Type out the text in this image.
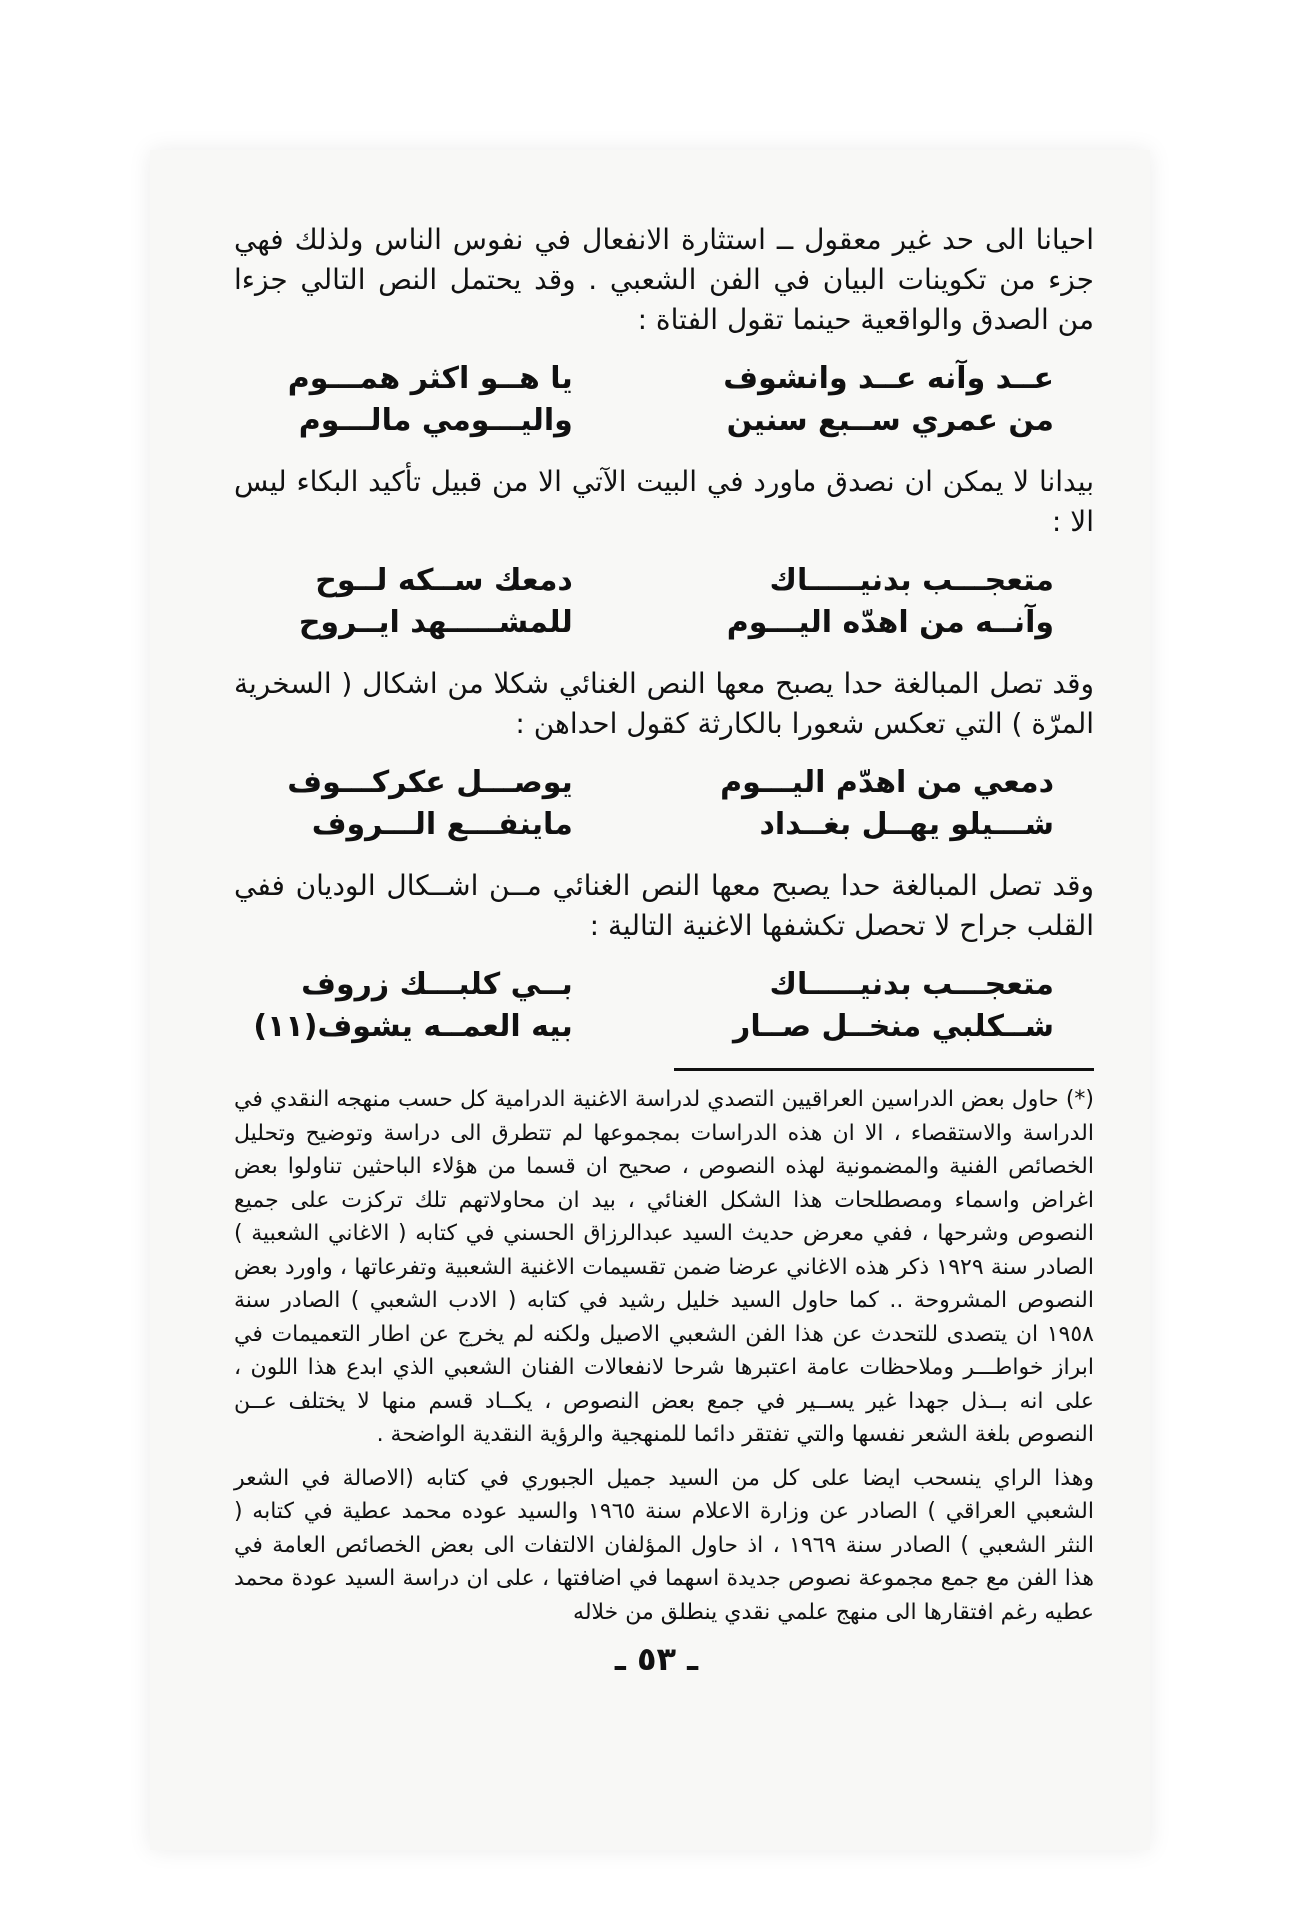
احيانا الى حد غير معقول ــ استثارة الانفعال في نفوس الناس ولذلك فهي جزء من تكوينات البيان في الفن الشعبي . وقد يحتمل النص التالي جزءا من الصدق والواقعية حينما تقول الفتاة :

عــد وآنه عــد وانشوف
من عمري ســبع سنين
يا هــو اكثر همـــوم
واليـــومي مالـــوم

بيدانا لا يمكن ان نصدق ماورد في البيت الآتي الا من قبيل تأكيد البكاء ليس الا :

متعجـــب بدنيـــــاك
وآنــه من اهدّه اليـــوم
دمعك ســكه لــوح
للمشـــــهد ايــروح

وقد تصل المبالغة حدا يصبح معها النص الغنائي شكلا من اشكال ( السخرية المرّة ) التي تعكس شعورا بالكارثة كقول احداهن :

دمعي من اهدّم اليـــوم
شـــيلو يهــل بغــداد
يوصـــل عكركـــوف
ماينفـــع الـــروف

وقد تصل المبالغة حدا يصبح معها النص الغنائي مــن اشــكال الوديان ففي القلب جراح لا تحصل تكشفها الاغنية التالية :

متعجـــب بدنيـــــاك
شــكلبي منخــل صــار
بــي كلبـــك زروف
بيه العمــه يشوف(١١)

(*) حاول بعض الدراسين العراقيين التصدي لدراسة الاغنية الدرامية كل حسب منهجه النقدي في الدراسة والاستقصاء ، الا ان هذه الدراسات بمجموعها لم تتطرق الى دراسة وتوضيح وتحليل الخصائص الفنية والمضمونية لهذه النصوص ، صحيح ان قسما من هؤلاء الباحثين تناولوا بعض اغراض واسماء ومصطلحات هذا الشكل الغنائي ، بيد ان محاولاتهم تلك تركزت على جميع النصوص وشرحها ، ففي معرض حديث السيد عبدالرزاق الحسني في كتابه ( الاغاني الشعبية ) الصادر سنة ١٩٢٩ ذكر هذه الاغاني عرضا ضمن تقسيمات الاغنية الشعبية وتفرعاتها ، واورد بعض النصوص المشروحة .. كما حاول السيد خليل رشيد في كتابه ( الادب الشعبي ) الصادر سنة ١٩٥٨ ان يتصدى للتحدث عن هذا الفن الشعبي الاصيل ولكنه لم يخرج عن اطار التعميمات في ابراز خواطـــر وملاحظات عامة اعتبرها شرحا لانفعالات الفنان الشعبي الذي ابدع هذا اللون ، على انه بــذل جهدا غير يســير في جمع بعض النصوص ، يكــاد قسم منها لا يختلف عــن النصوص بلغة الشعر نفسها والتي تفتقر دائما للمنهجية والرؤية النقدية الواضحة .

وهذا الراي ينسحب ايضا على كل من السيد جميل الجبوري في كتابه (الاصالة في الشعر الشعبي العراقي ) الصادر عن وزارة الاعلام سنة ١٩٦٥ والسيد عوده محمد عطية في كتابه ( النثر الشعبي ) الصادر سنة ١٩٦٩ ، اذ حاول المؤلفان الالتفات الى بعض الخصائص العامة في هذا الفن مع جمع مجموعة نصوص جديدة اسهما في اضافتها ، على ان دراسة السيد عودة محمد عطيه رغم افتقارها الى منهج علمي نقدي ينطلق من خلاله

ـ ٥٣ ـ
